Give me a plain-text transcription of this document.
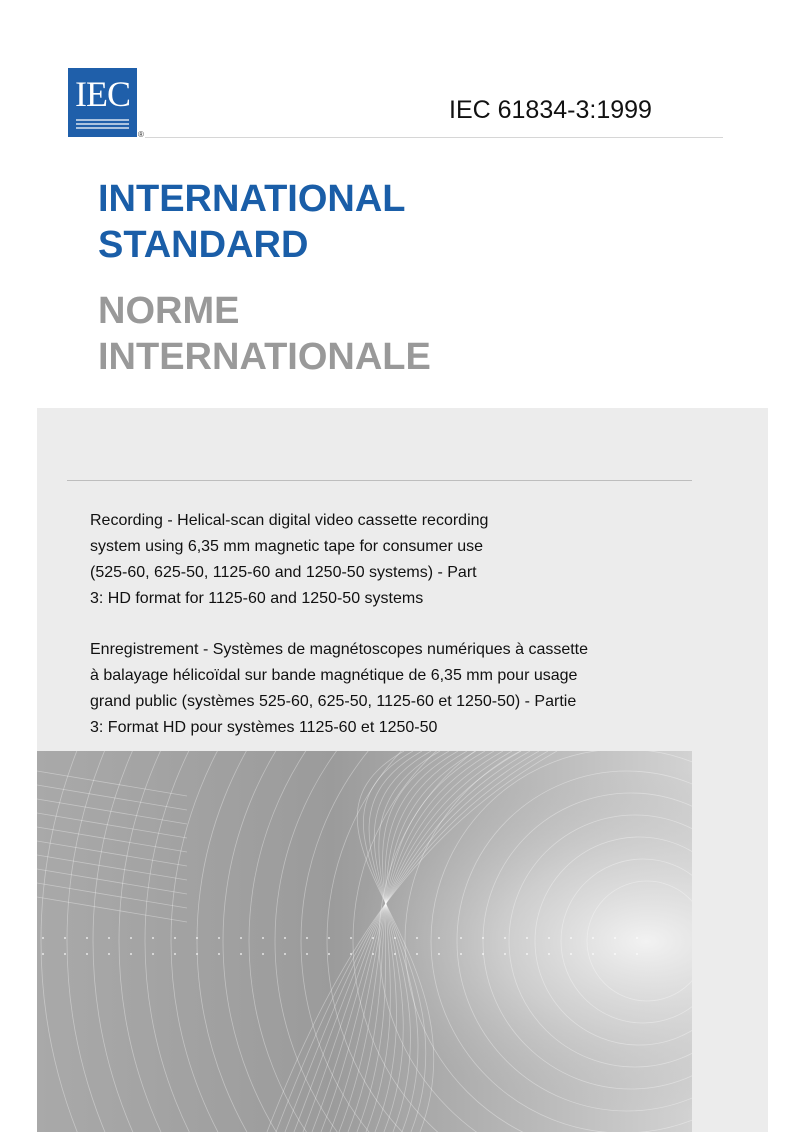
IEC
®
IEC 61834-3:1999
INTERNATIONAL
STANDARD
NORME
INTERNATIONALE

Recording - Helical-scan digital video cassette recording
system using 6,35 mm magnetic tape for consumer use
(525-60, 625-50, 1125-60 and 1250-50 systems) - Part
3: HD format for 1125-60 and 1250-50 systems

Enregistrement - Systèmes de magnétoscopes numériques à cassette
à balayage hélicoïdal sur bande magnétique de 6,35 mm pour usage
grand public (systèmes 525-60, 625-50, 1125-60 et 1250-50) - Partie
3: Format HD pour systèmes 1125-60 et 1250-50
